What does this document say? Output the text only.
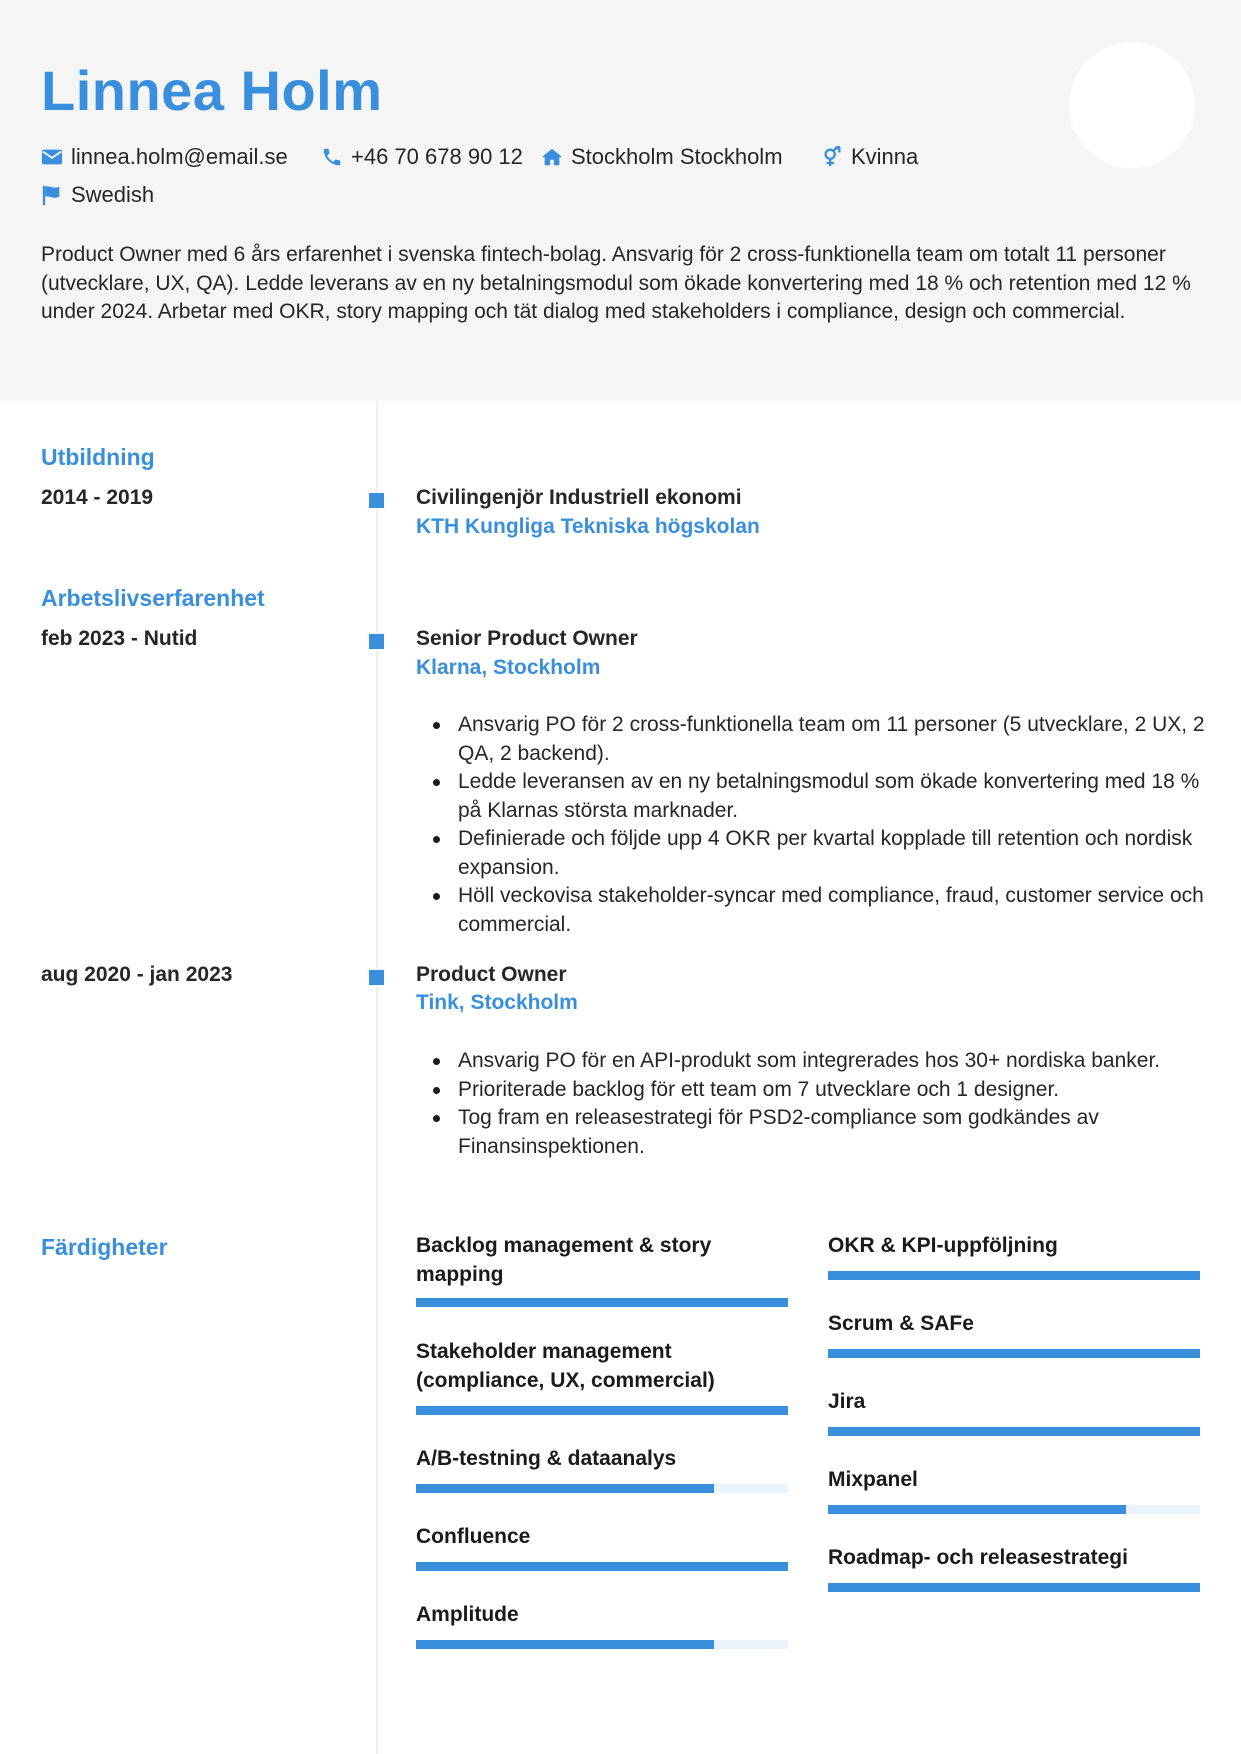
Linnea Holm
linnea.holm@email.se	+46 70 678 90 12 Stockholm Stockholm	Kvinna
Swedish

Product Owner med 6 års erfarenhet i svenska fintech-bolag. Ansvarig för 2 cross-funktionella team om totalt 11 personer (utvecklare, UX, QA). Ledde leverans av en ny betalningsmodul som ökade konvertering med 18 % och retention med 12 % under 2024. Arbetar med OKR, story mapping och tät dialog med stakeholders i compliance, design och commercial.

Utbildning
2014 - 2019	Civilingenjör Industriell ekonomi
KTH Kungliga Tekniska högskolan
Arbetslivserfarenhet
feb 2023 - Nutid	Senior Product Owner
Klarna, Stockholm
Ansvarig PO för 2 cross-funktionella team om 11 personer (5 utvecklare, 2 UX, 2 QA, 2 backend).
Ledde leveransen av en ny betalningsmodul som ökade konvertering med 18 % på Klarnas största marknader.
Definierade och följde upp 4 OKR per kvartal kopplade till retention och nordisk expansion.
Höll veckovisa stakeholder-syncar med compliance, fraud, customer service och commercial.
aug 2020 - jan 2023	Product Owner
Tink, Stockholm
Ansvarig PO för en API-produkt som integrerades hos 30+ nordiska banker.
Prioriterade backlog för ett team om 7 utvecklare och 1 designer.
Tog fram en releasestrategi för PSD2-compliance som godkändes av Finansinspektionen.
Färdigheter	Backlog management & story mapping
Stakeholder management (compliance, UX, commercial)
A/B-testning & dataanalys
Confluence
Amplitude
OKR & KPI-uppföljning
Scrum & SAFe
Jira
Mixpanel
Roadmap- och releasestrategi
